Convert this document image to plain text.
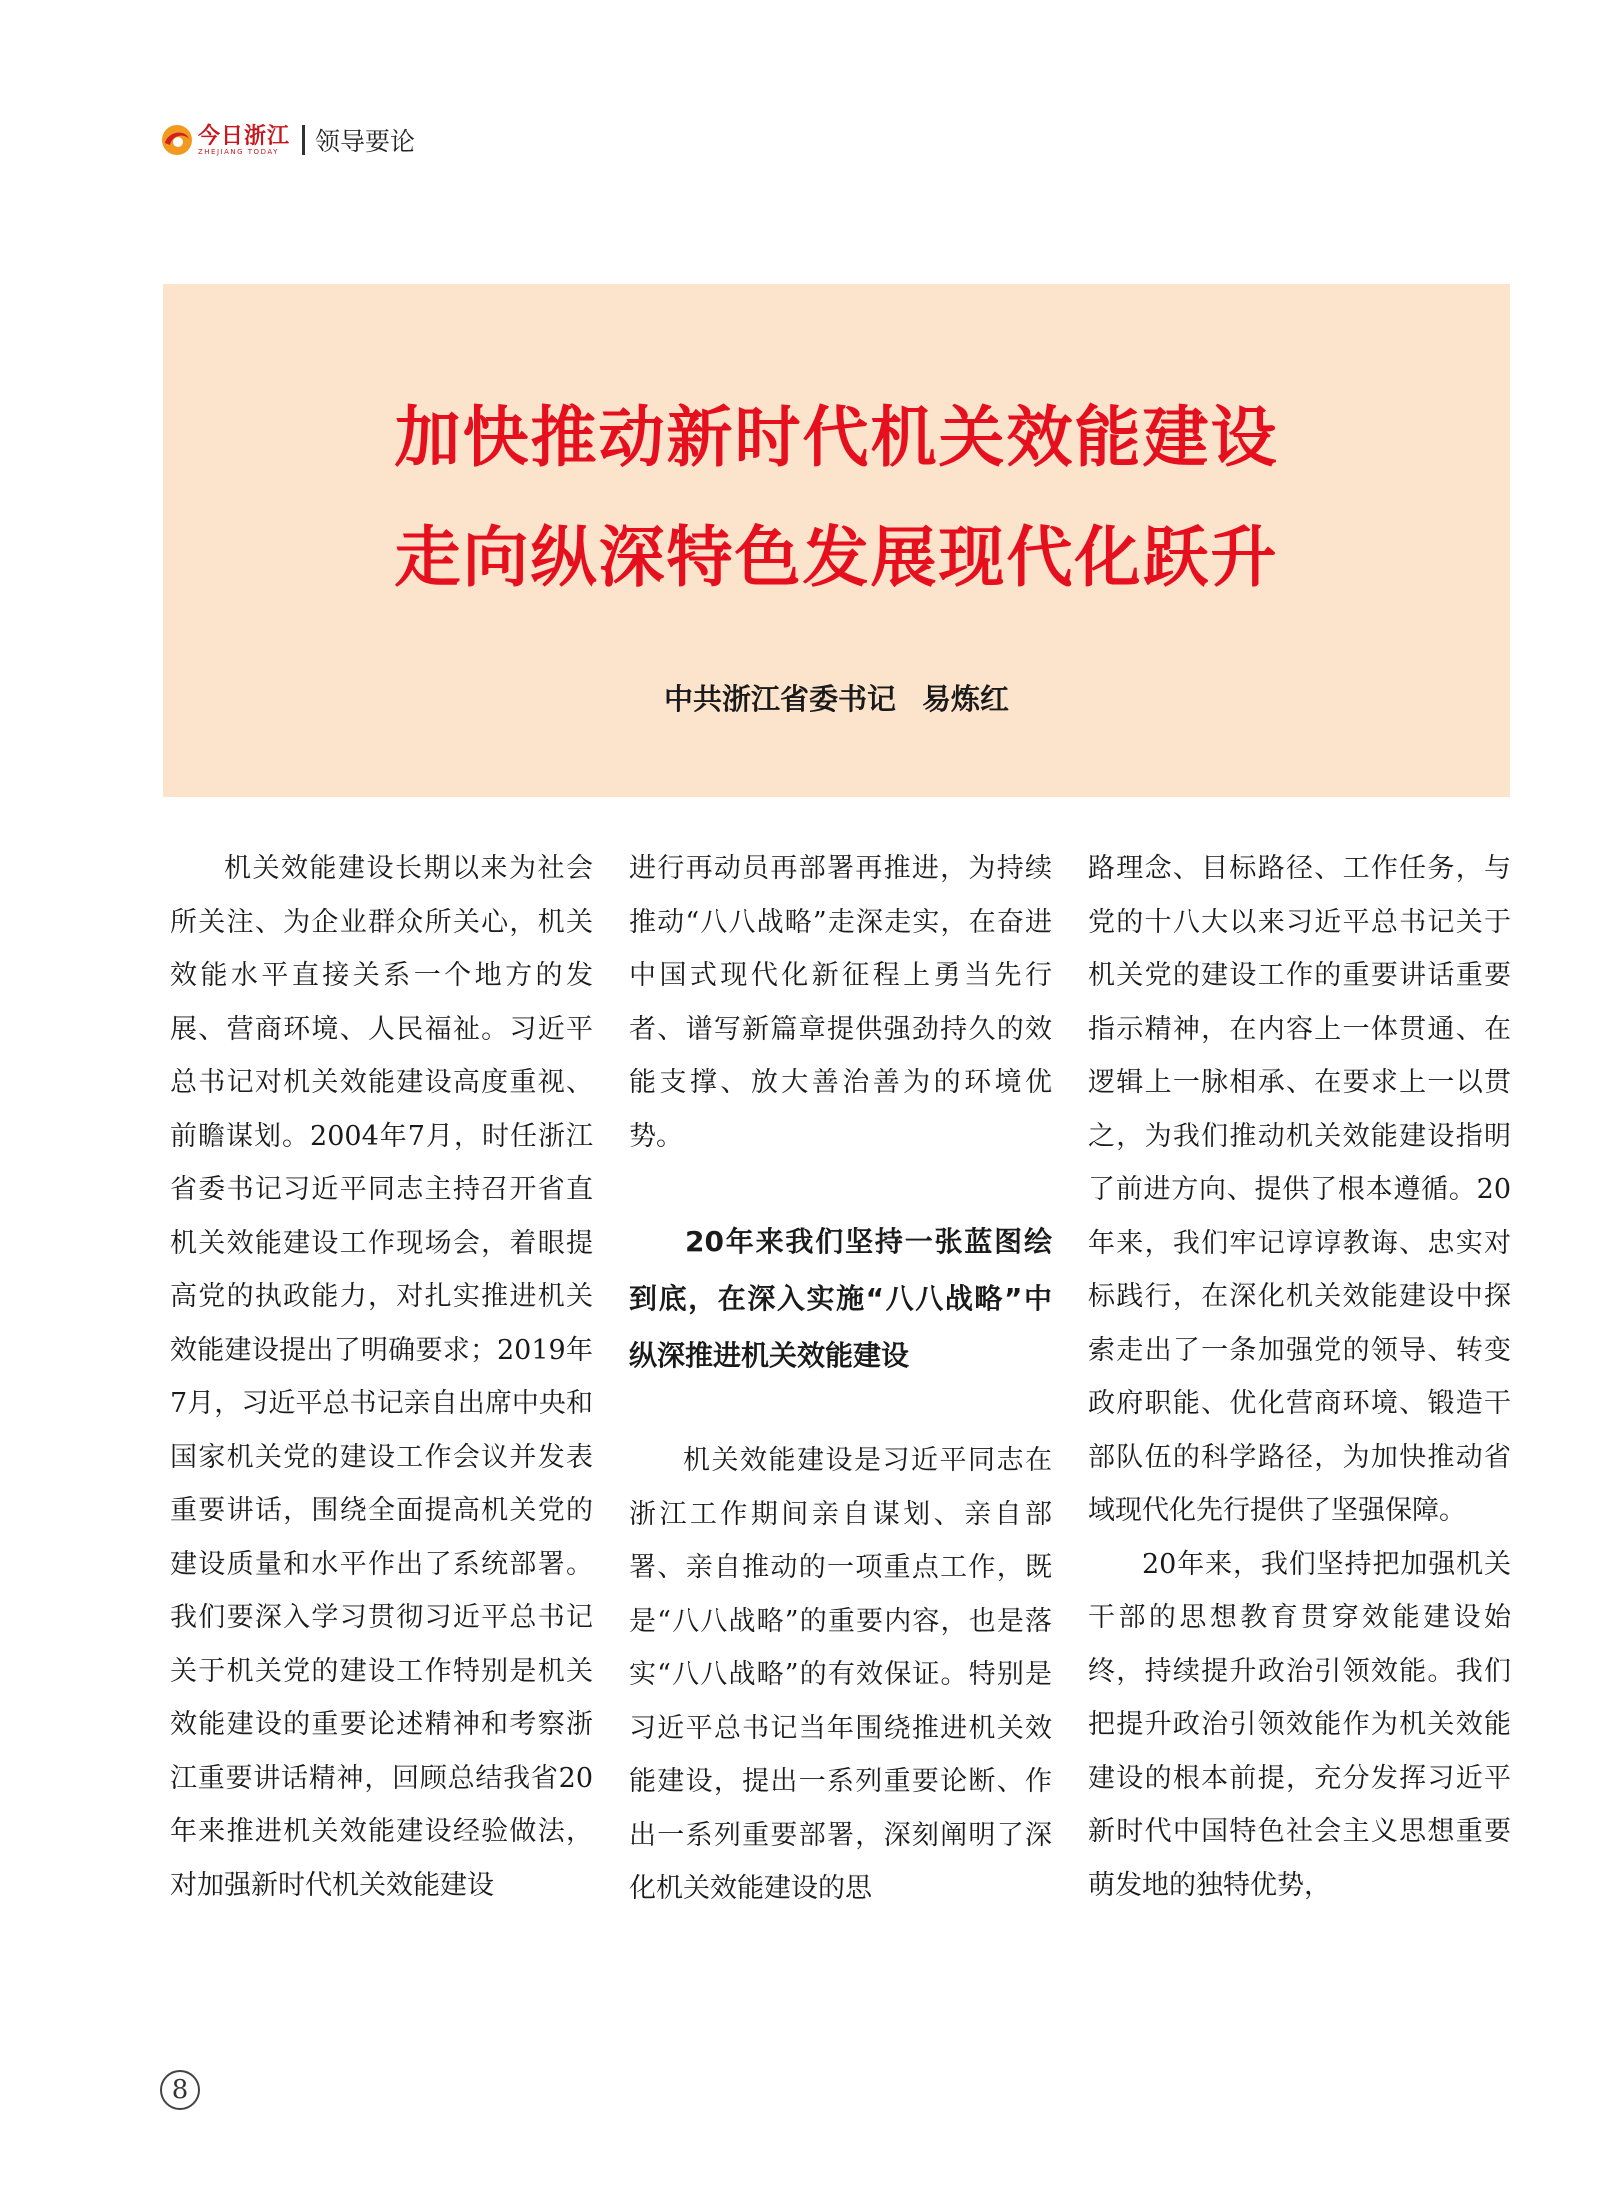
今日浙江
ZHEJIANG TODAY	领导要论
加快推动新时代机关效能建设
走向纵深特色发展现代化跃升
中共浙江省委书记 易炼红

机关效能建设长期以来为社会所关注、为企业群众所关心，机关效能水平直接关系一个地方的发展、营商环境、人民福祉。习近平总书记对机关效能建设高度重视、前瞻谋划。2004年7月，时任浙江省委书记习近平同志主持召开省直机关效能建设工作现场会，着眼提高党的执政能力，对扎实推进机关效能建设提出了明确要求；2019年7月，习近平总书记亲自出席中央和国家机关党的建设工作会议并发表重要讲话，围绕全面提高机关党的建设质量和水平作出了系统部署。我们要深入学习贯彻习近平总书记关于机关党的建设工作特别是机关效能建设的重要论述精神和考察浙江重要讲话精神，回顾总结我省20年来推进机关效能建设经验做法，对加强新时代机关效能建设

进行再动员再部署再推进，为持续推动“八八战略”走深走实，在奋进中国式现代化新征程上勇当先行者、谱写新篇章提供强劲持久的效能支撑、放大善治善为的环境优势。

20年来我们坚持一张蓝图绘到底，在深入实施“八八战略”中纵深推进机关效能建设

机关效能建设是习近平同志在浙江工作期间亲自谋划、亲自部署、亲自推动的一项重点工作，既是“八八战略”的重要内容，也是落实“八八战略”的有效保证。特别是习近平总书记当年围绕推进机关效能建设，提出一系列重要论断、作出一系列重要部署，深刻阐明了深化机关效能建设的思

路理念、目标路径、工作任务，与党的十八大以来习近平总书记关于机关党的建设工作的重要讲话重要指示精神，在内容上一体贯通、在逻辑上一脉相承、在要求上一以贯之，为我们推动机关效能建设指明了前进方向、提供了根本遵循。20年来，我们牢记谆谆教诲、忠实对标践行，在深化机关效能建设中探索走出了一条加强党的领导、转变政府职能、优化营商环境、锻造干部队伍的科学路径，为加快推动省域现代化先行提供了坚强保障。

20年来，我们坚持把加强机关干部的思想教育贯穿效能建设始终，持续提升政治引领效能。我们把提升政治引领效能作为机关效能建设的根本前提，充分发挥习近平新时代中国特色社会主义思想重要萌发地的独特优势，

8
